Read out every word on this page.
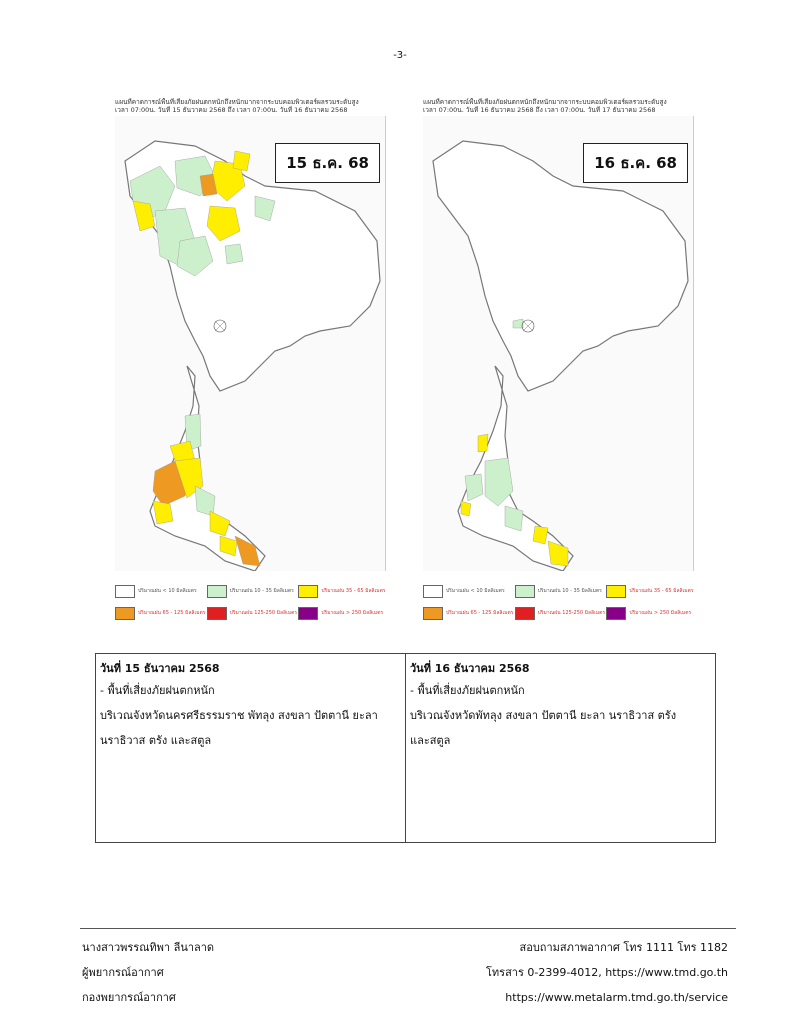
-3-
แผนที่คาดการณ์พื้นที่เสี่ยงภัยฝนตกหนักถึงหนักมากจากระบบคอมพิวเตอร์ผลรวมระดับสูง
เวลา 07:00น. วันที่ 15 ธันวาคม 2568 ถึง เวลา 07:00น. วันที่ 16 ธันวาคม 2568
15 ธ.ค. 68
ปริมาณฝน < 10 มิลลิเมตร	ปริมาณฝน 10 - 35 มิลลิเมตร	ปริมาณฝน 35 - 65 มิลลิเมตร
ปริมาณฝน 65 - 125 มิลลิเมตร	ปริมาณฝน 125-250 มิลลิเมตร	ปริมาณฝน > 250 มิลลิเมตร
แผนที่คาดการณ์พื้นที่เสี่ยงภัยฝนตกหนักถึงหนักมากจากระบบคอมพิวเตอร์ผลรวมระดับสูง
เวลา 07:00น. วันที่ 16 ธันวาคม 2568 ถึง เวลา 07:00น. วันที่ 17 ธันวาคม 2568
16 ธ.ค. 68
ปริมาณฝน < 10 มิลลิเมตร	ปริมาณฝน 10 - 35 มิลลิเมตร	ปริมาณฝน 35 - 65 มิลลิเมตร
ปริมาณฝน 65 - 125 มิลลิเมตร	ปริมาณฝน 125-250 มิลลิเมตร	ปริมาณฝน > 250 มิลลิเมตร
วันที่ 15 ธันวาคม 2568
- พื้นที่เสี่ยงภัยฝนตกหนัก
บริเวณจังหวัดนครศรีธรรมราช พัทลุง สงขลา ปัตตานี ยะลา
นราธิวาส ตรัง และสตูล

วันที่ 16 ธันวาคม 2568
- พื้นที่เสี่ยงภัยฝนตกหนัก
บริเวณจังหวัดพัทลุง สงขลา ปัตตานี ยะลา นราธิวาส ตรัง
และสตูล
นางสาวพรรณทิพา ลีนาลาด
ผู้พยากรณ์อากาศ
กองพยากรณ์อากาศ
สอบถามสภาพอากาศ โทร 1111 โทร 1182
โทรสาร 0-2399-4012, https://www.tmd.go.th
https://www.metalarm.tmd.go.th/service
